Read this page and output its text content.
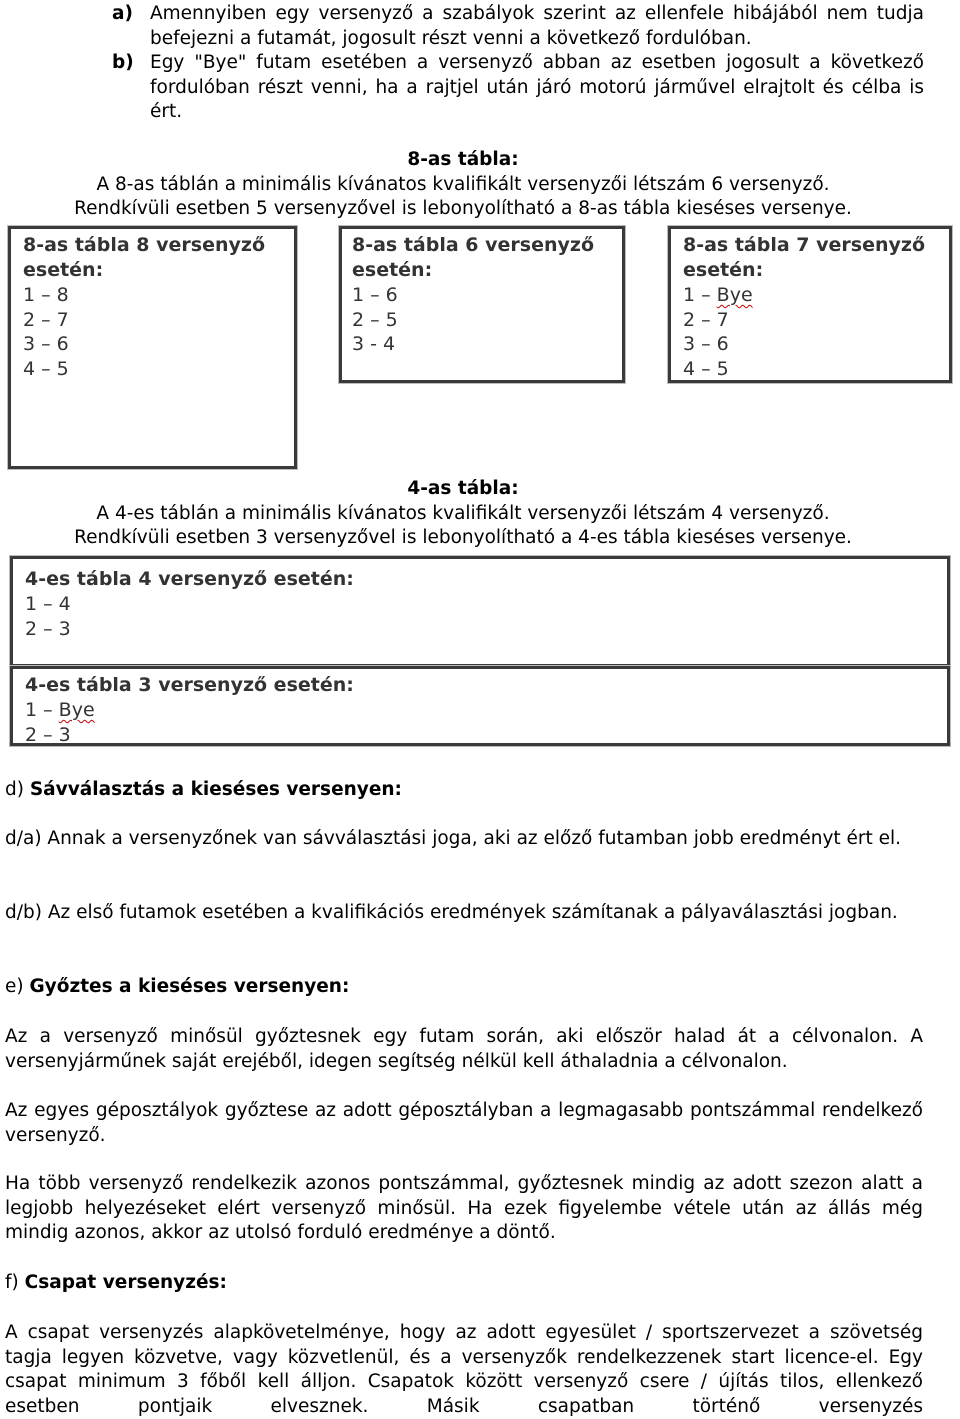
a) Amennyiben egy versenyző a szabályok szerint az ellenfele hibájából nem tudja befejezni a futamát, jogosult részt venni a következő fordulóban.
b) Egy "Bye" futam esetében a versenyző abban az esetben jogosult a következő fordulóban részt venni, ha a rajtjel után járó motorú járművel elrajtolt és célba is ért.
8-as tábla:
A 8-as táblán a minimális kívánatos kvalifikált versenyzői létszám 6 versenyző.
Rendkívüli esetben 5 versenyzővel is lebonyolítható a 8-as tábla kieséses versenye.
8-as tábla 8 versenyző
esetén:
1 – 8
2 – 7
3 – 6
4 – 5
8-as tábla 6 versenyző
esetén:
1 – 6
2 – 5
3 - 4
8-as tábla 7 versenyző
esetén:
1 – Bye
2 – 7
3 – 6
4 – 5
4-as tábla:
A 4-es táblán a minimális kívánatos kvalifikált versenyzői létszám 4 versenyző.
Rendkívüli esetben 3 versenyzővel is lebonyolítható a 4-es tábla kieséses versenye.
4-es tábla 4 versenyző esetén:
1 – 4
2 – 3
4-es tábla 3 versenyző esetén:
1 – Bye
2 – 3
d) Sávválasztás a kieséses versenyen:
d/a) Annak a versenyzőnek van sávválasztási joga, aki az előző futamban jobb eredményt ért el.
d/b) Az első futamok esetében a kvalifikációs eredmények számítanak a pályaválasztási jogban.
e) Győztes a kieséses versenyen:
Az a versenyző minősül győztesnek egy futam során, aki először halad át a célvonalon. A versenyjárműnek saját erejéből, idegen segítség nélkül kell áthaladnia a célvonalon.
Az egyes géposztályok győztese az adott géposztályban a legmagasabb pontszámmal rendelkező versenyző.
Ha több versenyző rendelkezik azonos pontszámmal, győztesnek mindig az adott szezon alatt a legjobb helyezéseket elért versenyző minősül. Ha ezek figyelembe vétele után az állás még mindig azonos, akkor az utolsó forduló eredménye a döntő.
f) Csapat versenyzés:
A csapat versenyzés alapkövetelménye, hogy az adott egyesület / sportszervezet a szövetség tagja legyen közvetve, vagy közvetlenül, és a versenyzők rendelkezzenek start licence-el. Egy csapat minimum 3 főből kell álljon. Csapatok között versenyző csere / újítás tilos, ellenkező esetben pontjaik elvesznek. Másik csapatban történő versenyzés
